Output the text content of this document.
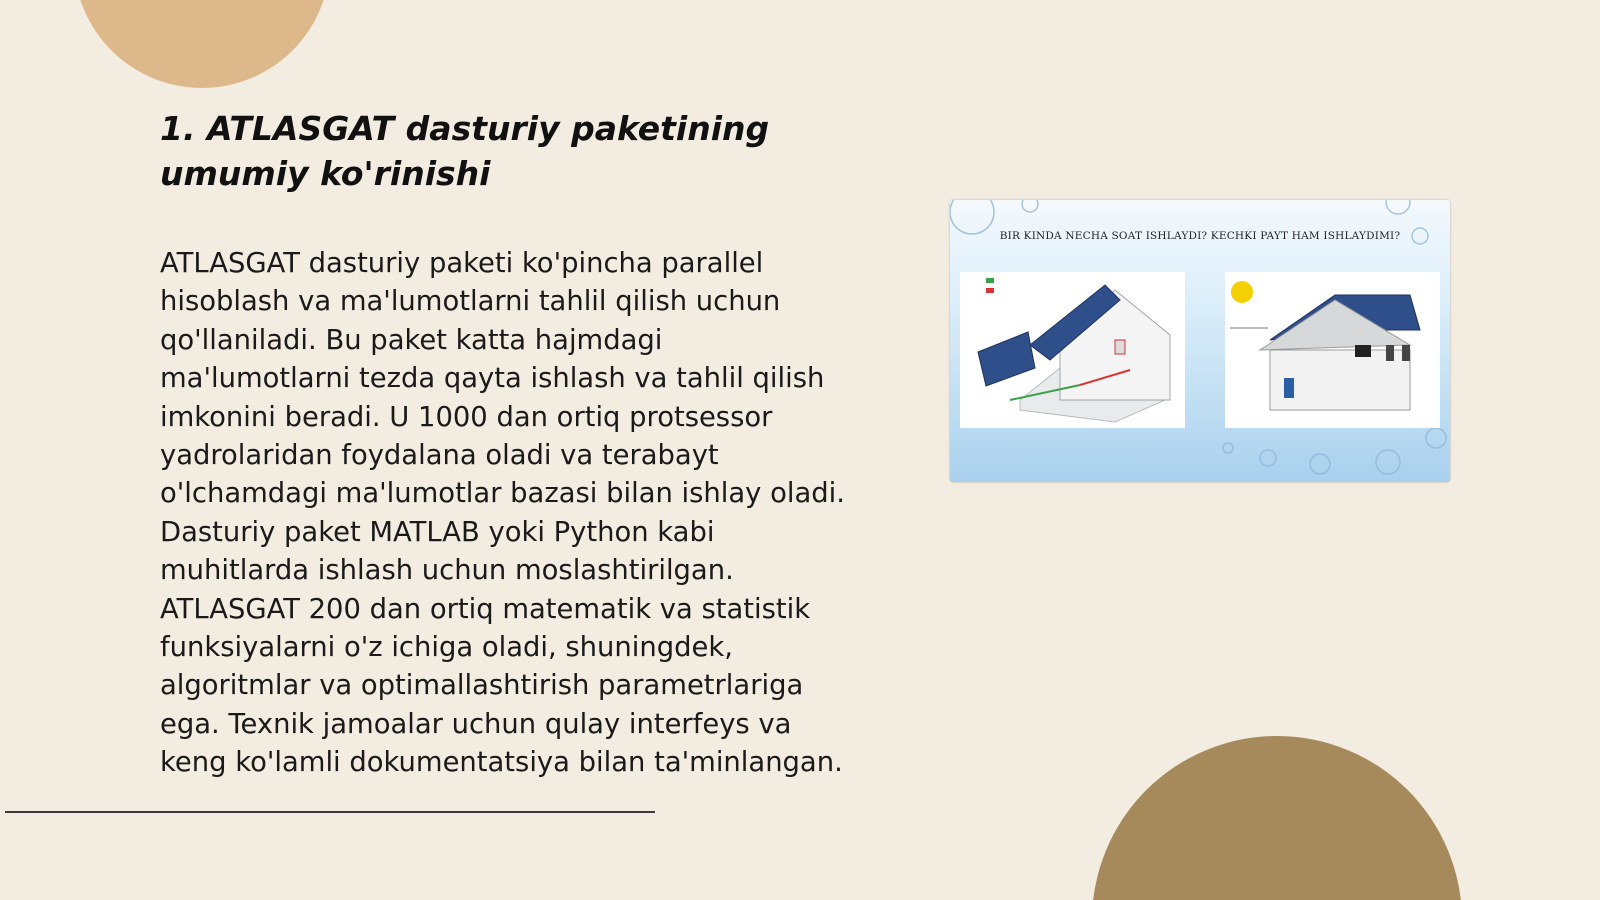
1. ATLASGAT dasturiy paketining umumiy ko'rinishi

ATLASGAT dasturiy paketi ko'pincha parallel hisoblash va ma'lumotlarni tahlil qilish uchun qo'llaniladi. Bu paket katta hajmdagi ma'lumotlarni tezda qayta ishlash va tahlil qilish imkonini beradi. U 1000 dan ortiq protsessor yadrolaridan foydalana oladi va terabayt o'lchamdagi ma'lumotlar bazasi bilan ishlay oladi. Dasturiy paket MATLAB yoki Python kabi muhitlarda ishlash uchun moslashtirilgan. ATLASGAT 200 dan ortiq matematik va statistik funksiyalarni o'z ichiga oladi, shuningdek, algoritmlar va optimallashtirish parametrlariga ega. Texnik jamoalar uchun qulay interfeys va keng ko'lamli dokumentatsiya bilan ta'minlangan.

BIR KINDA NECHA SOAT ISHLAYDI? KECHKI PAYT HAM ISHLAYDIMI?
